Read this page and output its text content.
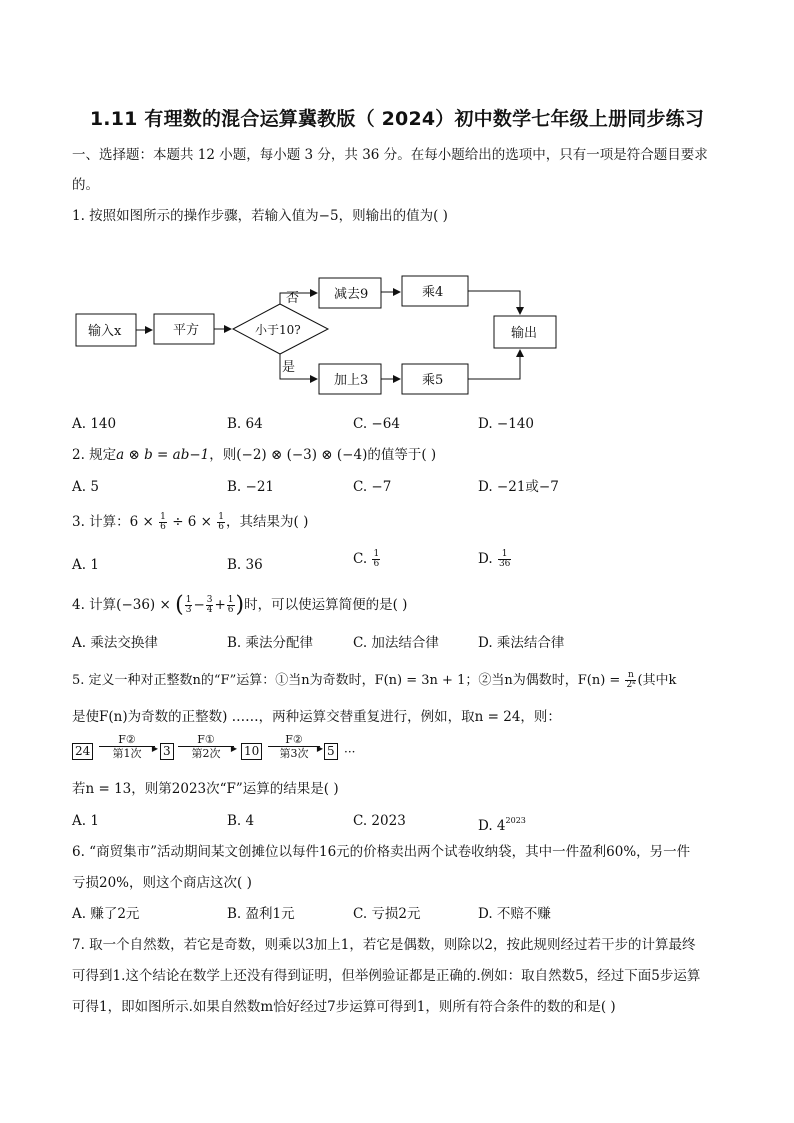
1.11 有理数的混合运算冀教版（ 2024）初中数学七年级上册同步练习
一、选择题：本题共 12 小题，每小题 3 分，共 36 分。在每小题给出的选项中，只有一项是符合题目要求
的。
1. 按照如图所示的操作步骤，若输入值为−5，则输出的值为( )
输入x	平方	小于10?
否
是
减去9	乘4
加上3	乘5
输出
A. 140	B. 64	C. −64	D. −140
2. 规定a ⊗ b = ab−1，则(−2) ⊗ (−3) ⊗ (−4)的值等于( )
A. 5	B. −21	C. −7	D. −21或−7
3. 计算：$6 \times \frac{1}{6} \div 6 \times \frac{1}{6}$ ，其结果为( )
A. 1	B. 36	C. $\frac{1}{6}$	D. $\frac{1}{36}$
4. 计算(−36) × ( $\frac{1}{3} - \frac{3}{4} + \frac{1}{6}$ )时，可以使运算简便的是( )
A. 乘法交换律	B. 乘法分配律	C. 加法结合律	D. 乘法结合律
5. 定义一种对正整数n的“F”运算：①当n为奇数时，F(n) = 3n + 1；②当n为偶数时，$F(n) = \frac{n}{\text{2ᵏ}}$ (其中k
是使F(n)为奇数的正整数) ……，两种运算交替重复进行，例如，取n = 24，则：
24
F②
▶
第1次	3
F①
▶
第2次	10
F②
▶
第3次	5 ···
若n = 13，则第2023次“F”运算的结果是( )
A. 1	B. 4	C. 2023	D. $4^{2023}$
6. “商贸集市”活动期间某文创摊位以每件16元的价格卖出两个试卷收纳袋，其中一件盈利60%，另一件
亏损20%，则这个商店这次( )
A. 赚了2元	B. 盈利1元	C. 亏损2元	D. 不赔不赚
7. 取一个自然数，若它是奇数，则乘以3加上1，若它是偶数，则除以2，按此规则经过若干步的计算最终
可得到1.这个结论在数学上还没有得到证明，但举例验证都是正确的.例如：取自然数5，经过下面5步运算
可得1，即如图所示.如果自然数m恰好经过7步运算可得到1，则所有符合条件的数的和是( )
